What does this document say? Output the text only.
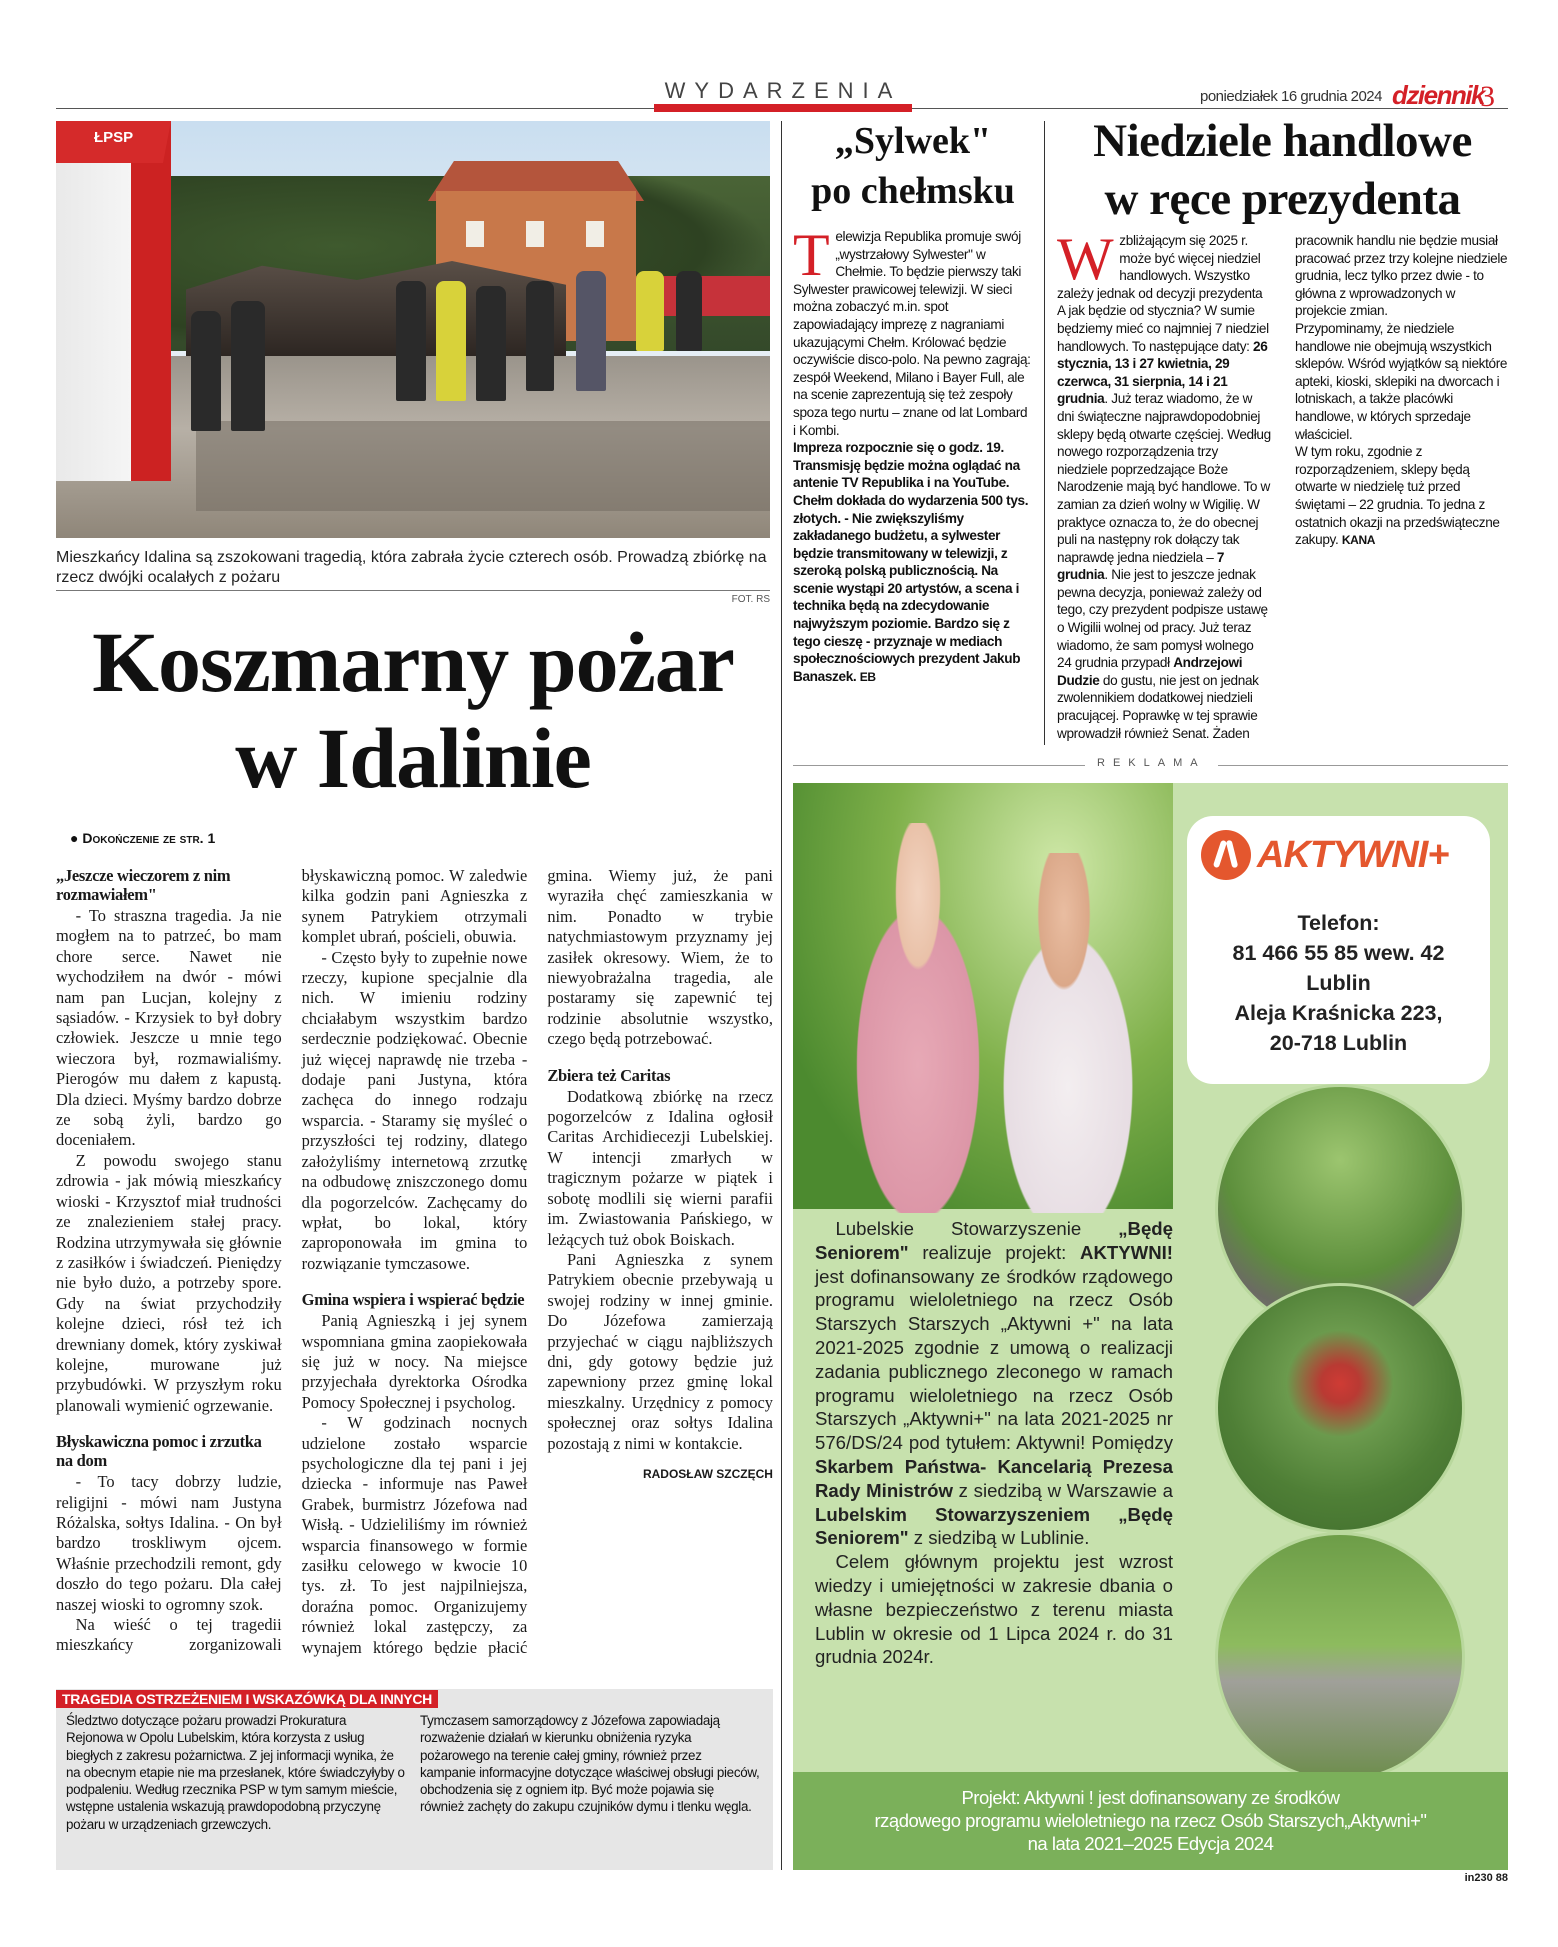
WYDARZENIA	poniedziałek 16 grudnia 2024 dziennik
3
ŁPSP
Mieszkańcy Idalina są zszokowani tragedią, która zabrała życie czterech osób. Prowadzą zbiórkę na rzecz dwójki ocalałych z pożaru
FOT. RS
Koszmarny pożar
w Idalinie
● Dokończenie ze str. 1
„Jeszcze wieczorem z nim rozmawiałem"

- To straszna tragedia. Ja nie mogłem na to patrzeć, bo mam chore serce. Nawet nie wychodziłem na dwór - mówi nam pan Lucjan, kolejny z sąsiadów. - Krzysiek to był dobry człowiek. Jeszcze u mnie tego wieczora był, rozmawialiśmy. Pierogów mu dałem z kapustą. Dla dzieci. Myśmy bardzo dobrze ze sobą żyli, bardzo go doceniałem.

Z powodu swojego stanu zdrowia - jak mówią mieszkańcy wioski - Krzysztof miał trudności ze znalezieniem stałej pracy. Rodzina utrzymywała się głównie z zasiłków i świadczeń. Pieniędzy nie było dużo, a potrzeby spore. Gdy na świat przychodziły kolejne dzieci, rósł też ich drewniany domek, który zyskiwał kolejne, murowane już przybudówki. W przyszłym roku planowali wymienić ogrzewanie.

Błyskawiczna pomoc i zrzutka na dom

- To tacy dobrzy ludzie, religijni - mówi nam Justyna Różalska, sołtys Idalina. - On był bardzo troskliwym ojcem. Właśnie przechodzili remont, gdy doszło do tego pożaru. Dla całej naszej wioski to ogromny szok.

Na wieść o tej tragedii mieszkańcy zorganizowali błyskawiczną pomoc. W zaledwie kilka godzin pani Agnieszka z synem Patrykiem otrzymali komplet ubrań, pościeli, obuwia.

- Często były to zupełnie nowe rzeczy, kupione specjalnie dla nich. W imieniu rodziny chciałabym wszystkim bardzo serdecznie podziękować. Obecnie już więcej naprawdę nie trzeba - dodaje pani Justyna, która zachęca do innego rodzaju wsparcia. - Staramy się myśleć o przyszłości tej rodziny, dlatego założyliśmy internetową zrzutkę na odbudowę zniszczonego domu dla pogorzelców. Zachęcamy do wpłat, bo lokal, który zaproponowała im gmina to rozwiązanie tymczasowe.

Gmina wspiera i wspierać będzie

Panią Agnieszką i jej synem wspomniana gmina zaopiekowała się już w nocy. Na miejsce przyjechała dyrektorka Ośrodka Pomocy Społecznej i psycholog.

- W godzinach nocnych udzielone zostało wsparcie psychologiczne dla tej pani i jej dziecka - informuje nas Paweł Grabek, burmistrz Józefowa nad Wisłą. - Udzieliliśmy im również wsparcia finansowego w formie zasiłku celowego w kwocie 10 tys. zł. To jest najpilniejsza, doraźna pomoc. Organizujemy również lokal zastępczy, za wynajem którego będzie płacić gmina. Wiemy już, że pani wyraziła chęć zamieszkania w nim. Ponadto w trybie natychmiastowym przyznamy jej zasiłek okresowy. Wiem, że to niewyobrażalna tragedia, ale postaramy się zapewnić tej rodzinie absolutnie wszystko, czego będą potrzebować.

Zbiera też Caritas

Dodatkową zbiórkę na rzecz pogorzelców z Idalina ogłosił Caritas Archidiecezji Lubelskiej. W intencji zmarłych w tragicznym pożarze w piątek i sobotę modlili się wierni parafii im. Zwiastowania Pańskiego, w leżących tuż obok Boiskach.

Pani Agnieszka z synem Patrykiem obecnie przebywają u swojej rodziny w innej gminie. Do Józefowa zamierzają przyjechać w ciągu najbliższych dni, gdy gotowy będzie już zapewniony przez gminę lokal mieszkalny. Urzędnicy z pomocy społecznej oraz sołtys Idalina pozostają z nimi w kontakcie.

RADOSŁAW SZCZĘCH
TRAGEDIA OSTRZEŻENIEM I WSKAZÓWKĄ DLA INNYCH
Śledztwo dotyczące pożaru prowadzi Prokuratura Rejonowa w Opolu Lubelskim, która korzysta z usług biegłych z zakresu pożarnictwa. Z jej informacji wynika, że na obecnym etapie nie ma przesłanek, które świadczyłyby o podpaleniu. Według rzecznika PSP w tym samym mieście, wstępne ustalenia wskazują prawdopodobną przyczynę pożaru w urządzeniach grzewczych.
Tymczasem samorządowcy z Józefowa zapowiadają rozważenie działań w kierunku obniżenia ryzyka pożarowego na terenie całej gminy, również przez kampanie informacyjne dotyczące właściwej obsługi pieców, obchodzenia się z ogniem itp. Być może pojawia się również zachęty do zakupu czujników dymu i tlenku węgla.
„Sylwek"
po chełmsku

Telewizja Republika promuje swój „wystrzałowy Sylwester" w Chełmie. To będzie pierwszy taki Sylwester prawicowej telewizji. W sieci można zobaczyć m.in. spot zapowiadający imprezę z nagraniami ukazującymi Chełm. Królować będzie oczywiście disco-polo. Na pewno zagrają: zespół Weekend, Milano i Bayer Full, ale na scenie zaprezentują się też zespoły spoza tego nurtu – znane od lat Lombard i Kombi.

Impreza rozpocznie się o godz. 19. Transmisję będzie można oglądać na antenie TV Republika i na YouTube. Chełm dokłada do wydarzenia 500 tys. złotych. - Nie zwiększyliśmy zakładanego budżetu, a sylwester będzie transmitowany w telewizji, z szeroką polską publicznością. Na scenie wystąpi 20 artystów, a scena i technika będą na zdecydowanie najwyższym poziomie. Bardzo się z tego cieszę - przyznaje w mediach społecznościowych prezydent Jakub Banaszek. EB

Niedziele handlowe
w ręce prezydenta

W zbliżającym się 2025 r. może być więcej niedziel handlowych. Wszystko zależy jednak od decyzji prezydenta

A jak będzie od stycznia? W sumie będziemy mieć co najmniej 7 niedziel handlowych. To następujące daty: 26 stycznia, 13 i 27 kwietnia, 29 czerwca, 31 sierpnia, 14 i 21 grudnia. Już teraz wiadomo, że w dni świąteczne najprawdopodobniej sklepy będą otwarte częściej. Według nowego rozporządzenia trzy niedziele poprzedzające Boże Narodzenie mają być handlowe. To w zamian za dzień wolny w Wigilię. W praktyce oznacza to, że do obecnej puli na następny rok dołączy tak naprawdę jedna niedziela – 7 grudnia. Nie jest to jeszcze jednak pewna decyzja, ponieważ zależy od tego, czy prezydent podpisze ustawę o Wigilii wolnej od pracy. Już teraz wiadomo, że sam pomysł wolnego 24 grudnia przypadł Andrzejowi Dudzie do gustu, nie jest on jednak zwolennikiem dodatkowej niedzieli pracującej. Poprawkę w tej sprawie wprowadził również Senat. Żaden pracownik handlu nie będzie musiał pracować przez trzy kolejne niedziele grudnia, lecz tylko przez dwie - to główna z wprowadzonych w projekcie zmian.

Przypominamy, że niedziele handlowe nie obejmują wszystkich sklepów. Wśród wyjątków są niektóre apteki, kioski, sklepiki na dworcach i lotniskach, a także placówki handlowe, w których sprzedaje właściciel.

W tym roku, zgodnie z rozporządzeniem, sklepy będą otwarte w niedzielę tuż przed świętami – 22 grudnia. To jedna z ostatnich okazji na przedświąteczne zakupy. KANA

REKLAMA
AKTYWNI+
Telefon:
81 466 55 85 wew. 42
Lublin
Aleja Kraśnicka 223,
20-718 Lublin

Lubelskie Stowarzyszenie „Będę Seniorem" realizuje projekt: AKTYWNI! jest dofinansowany ze środków rządowego programu wieloletniego na rzecz Osób Starszych Starszych „Aktywni +" na lata 2021-2025 zgodnie z umową o realizacji zadania publicznego zleconego w ramach programu wieloletniego na rzecz Osób Starszych „Aktywni+" na lata 2021-2025 nr 576/DS/24 pod tytułem: Aktywni! Pomiędzy Skarbem Państwa- Kancelarią Prezesa Rady Ministrów z siedzibą w Warszawie a Lubelskim Stowarzyszeniem „Będę Seniorem" z siedzibą w Lublinie.

Celem głównym projektu jest wzrost wiedzy i umiejętności w zakresie dbania o własne bezpieczeństwo z terenu miasta Lublin w okresie od 1 Lipca 2024 r. do 31 grudnia 2024r.

Projekt: Aktywni ! jest dofinansowany ze środków
rządowego programu wieloletniego na rzecz Osób Starszych„Aktywni+"
na lata 2021–2025 Edycja 2024
in230 88
